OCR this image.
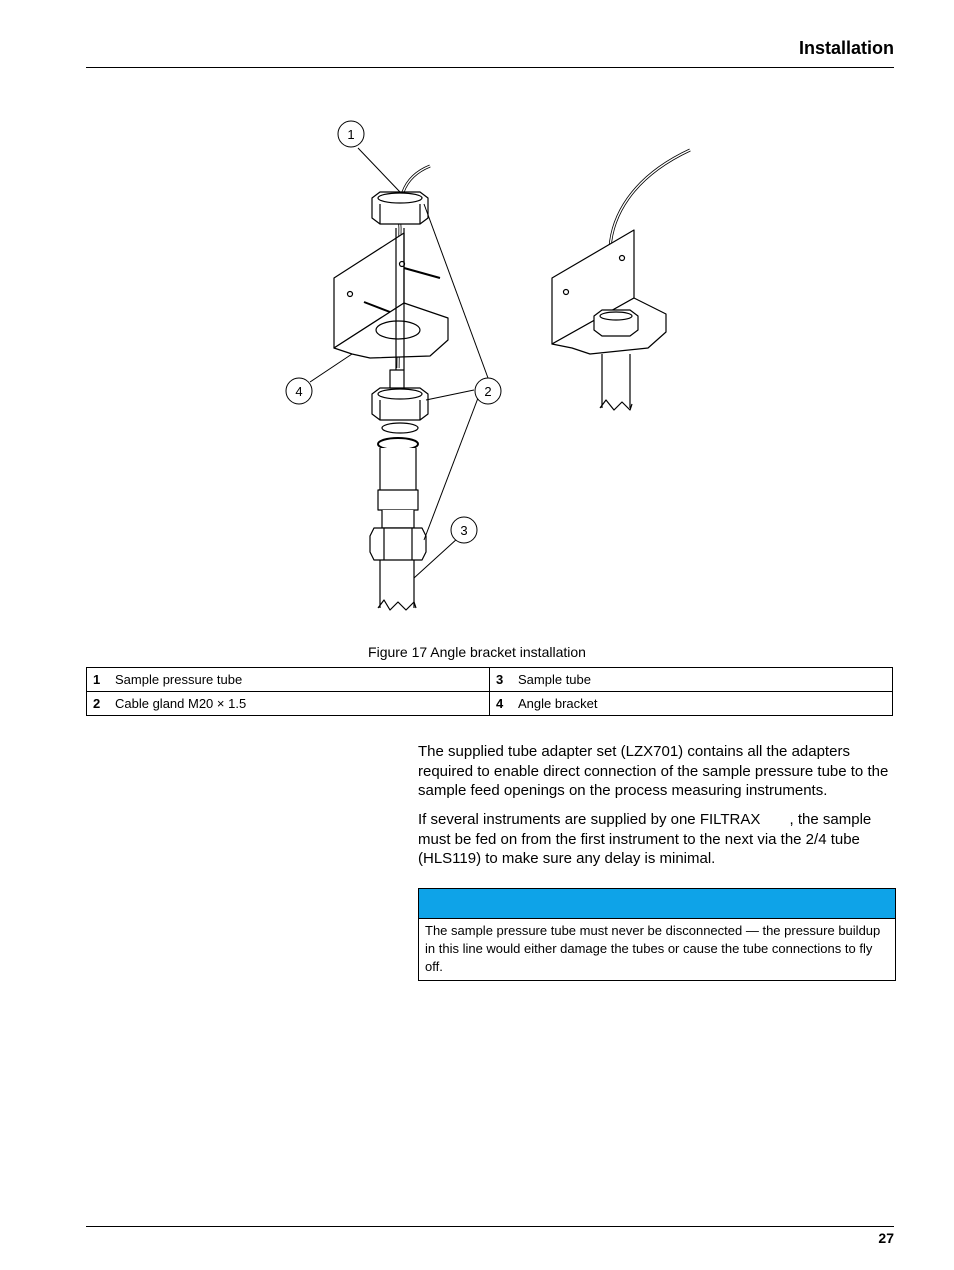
Installation
1
2
3
4
Figure 17 Angle bracket installation
1 Sample pressure tube	3 Sample tube
2 Cable gland M20 × 1.5	4 Angle bracket
The supplied tube adapter set (LZX701) contains all the adapters required to enable direct connection of the sample pressure tube to the sample feed openings on the process measuring instruments.
If several instruments are supplied by one FILTRAX       , the sample must be fed on from the first instrument to the next via the 2/4 tube (HLS119) to make sure any delay is minimal.
The sample pressure tube must never be disconnected — the pressure buildup in this line would either damage the tubes or cause the tube connections to fly off.
27
